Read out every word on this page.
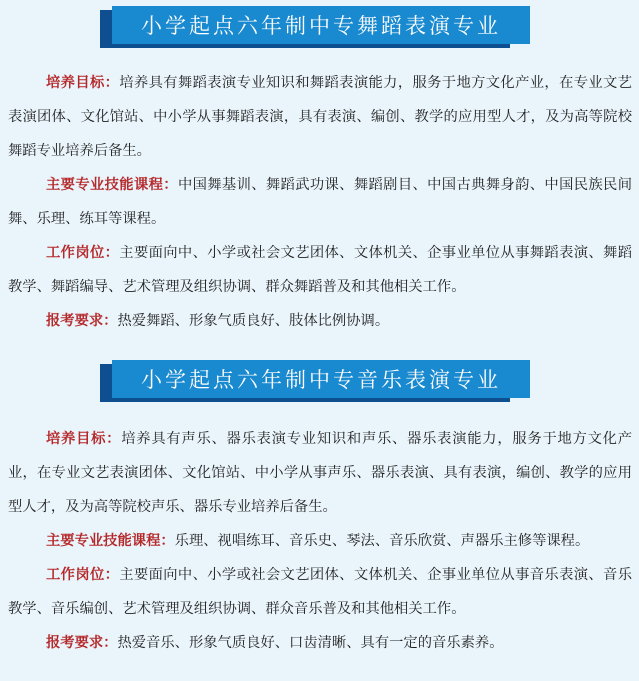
小学起点六年制中专舞蹈表演专业

培养目标：培养具有舞蹈表演专业知识和舞蹈表演能力，服务于地方文化产业，在专业文艺表演团体、文化馆站、中小学从事舞蹈表演，具有表演、编创、教学的应用型人才，及为高等院校舞蹈专业培养后备生。

主要专业技能课程：中国舞基训、舞蹈武功课、舞蹈剧目、中国古典舞身韵、中国民族民间舞、乐理、练耳等课程。

工作岗位：主要面向中、小学或社会文艺团体、文体机关、企事业单位从事舞蹈表演、舞蹈教学、舞蹈编导、艺术管理及组织协调、群众舞蹈普及和其他相关工作。

报考要求：热爱舞蹈、形象气质良好、肢体比例协调。

小学起点六年制中专音乐表演专业

培养目标：培养具有声乐、器乐表演专业知识和声乐、器乐表演能力，服务于地方文化产业，在专业文艺表演团体、文化馆站、中小学从事声乐、器乐表演、具有表演，编创、教学的应用型人才，及为高等院校声乐、器乐专业培养后备生。

主要专业技能课程：乐理、视唱练耳、音乐史、琴法、音乐欣赏、声器乐主修等课程。

工作岗位：主要面向中、小学或社会文艺团体、文体机关、企事业单位从事音乐表演、音乐教学、音乐编创、艺术管理及组织协调、群众音乐普及和其他相关工作。

报考要求：热爱音乐、形象气质良好、口齿清晰、具有一定的音乐素养。
